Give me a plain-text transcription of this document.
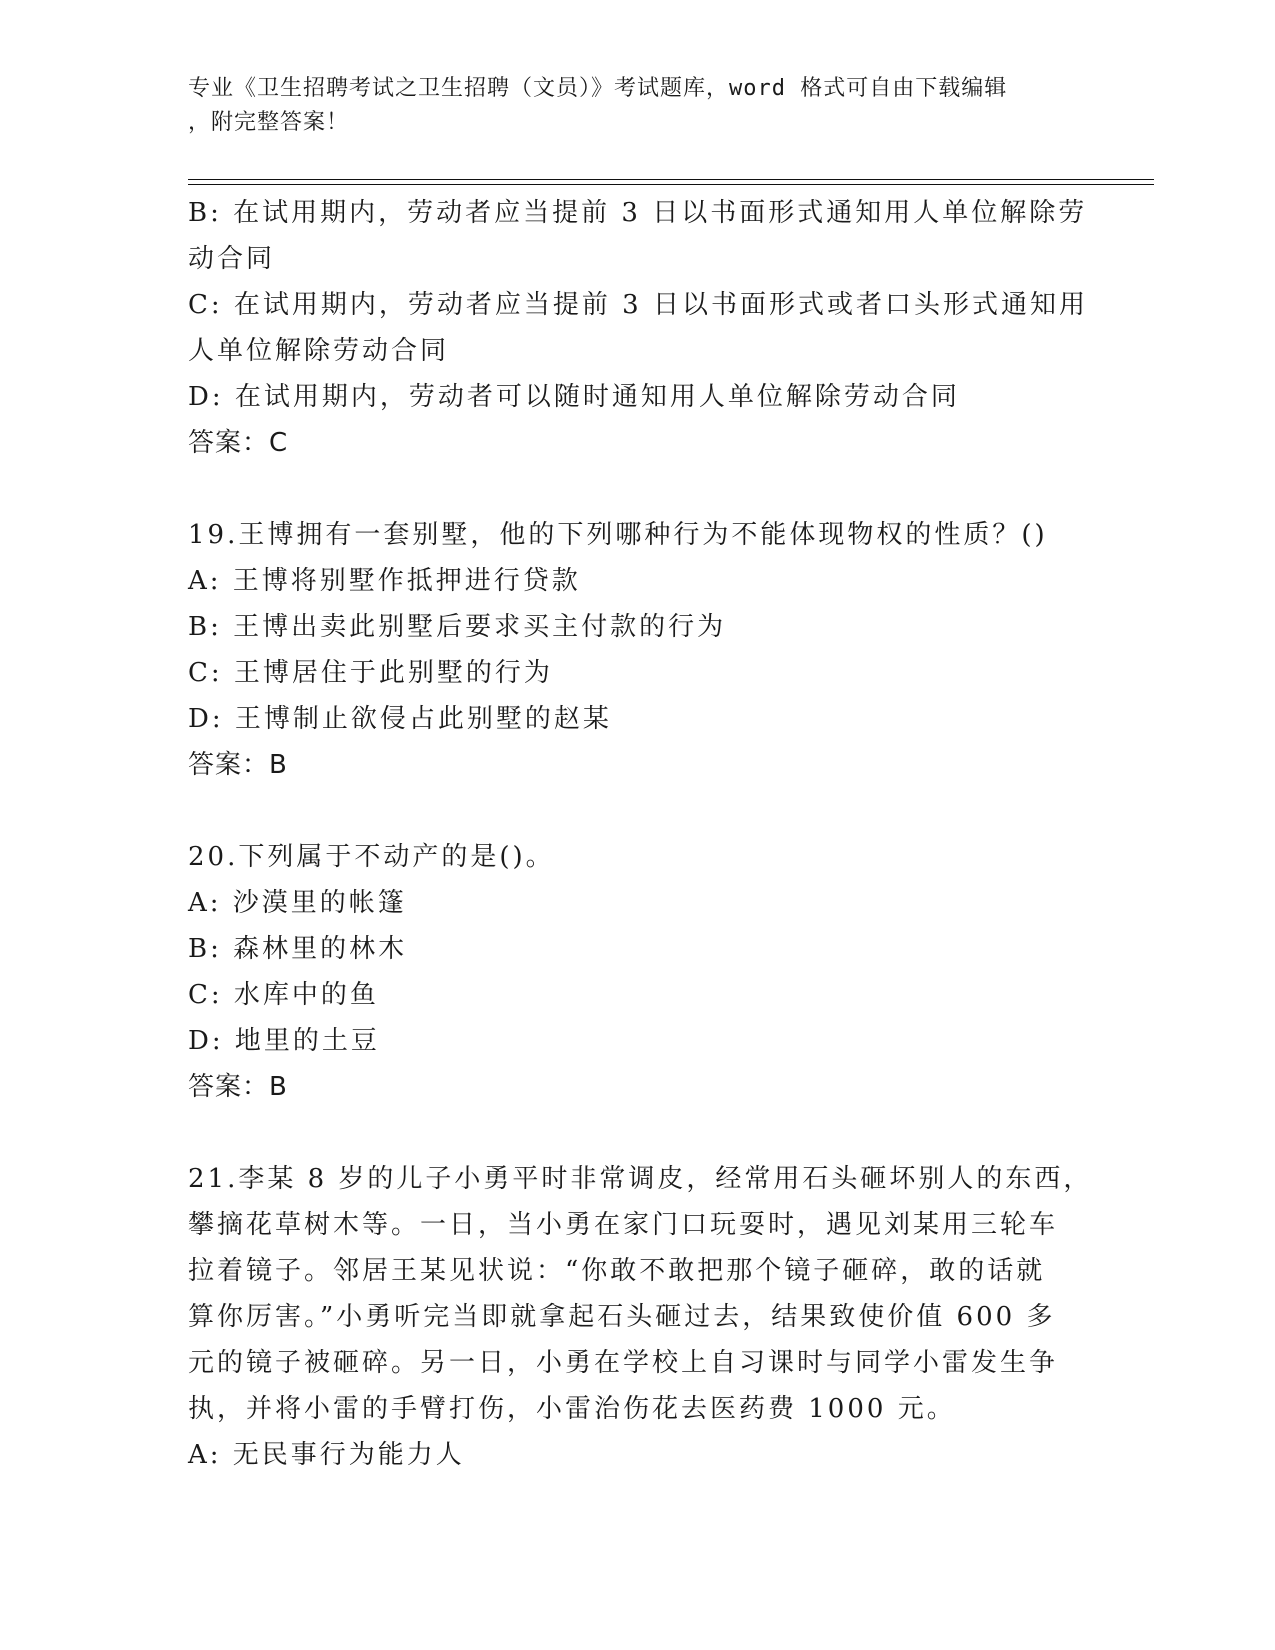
专业《卫生招聘考试之卫生招聘（文员）》考试题库，word 格式可自由下载编辑
，附完整答案！
B: 在试用期内，劳动者应当提前 3 日以书面形式通知用人单位解除劳
动合同
C: 在试用期内，劳动者应当提前 3 日以书面形式或者口头形式通知用
人单位解除劳动合同
D: 在试用期内，劳动者可以随时通知用人单位解除劳动合同
答案：C
19.王博拥有一套别墅，他的下列哪种行为不能体现物权的性质？()
A: 王博将别墅作抵押进行贷款
B: 王博出卖此别墅后要求买主付款的行为
C: 王博居住于此别墅的行为
D: 王博制止欲侵占此别墅的赵某
答案：B
20.下列属于不动产的是()。
A: 沙漠里的帐篷
B: 森林里的林木
C: 水库中的鱼
D: 地里的土豆
答案：B
21.李某 8 岁的儿子小勇平时非常调皮，经常用石头砸坏别人的东西，
攀摘花草树木等。一日，当小勇在家门口玩耍时，遇见刘某用三轮车
拉着镜子。邻居王某见状说：“你敢不敢把那个镜子砸碎，敢的话就
算你厉害。”小勇听完当即就拿起石头砸过去，结果致使价值 600 多
元的镜子被砸碎。另一日，小勇在学校上自习课时与同学小雷发生争
执，并将小雷的手臂打伤，小雷治伤花去医药费 1000 元。
A: 无民事行为能力人
